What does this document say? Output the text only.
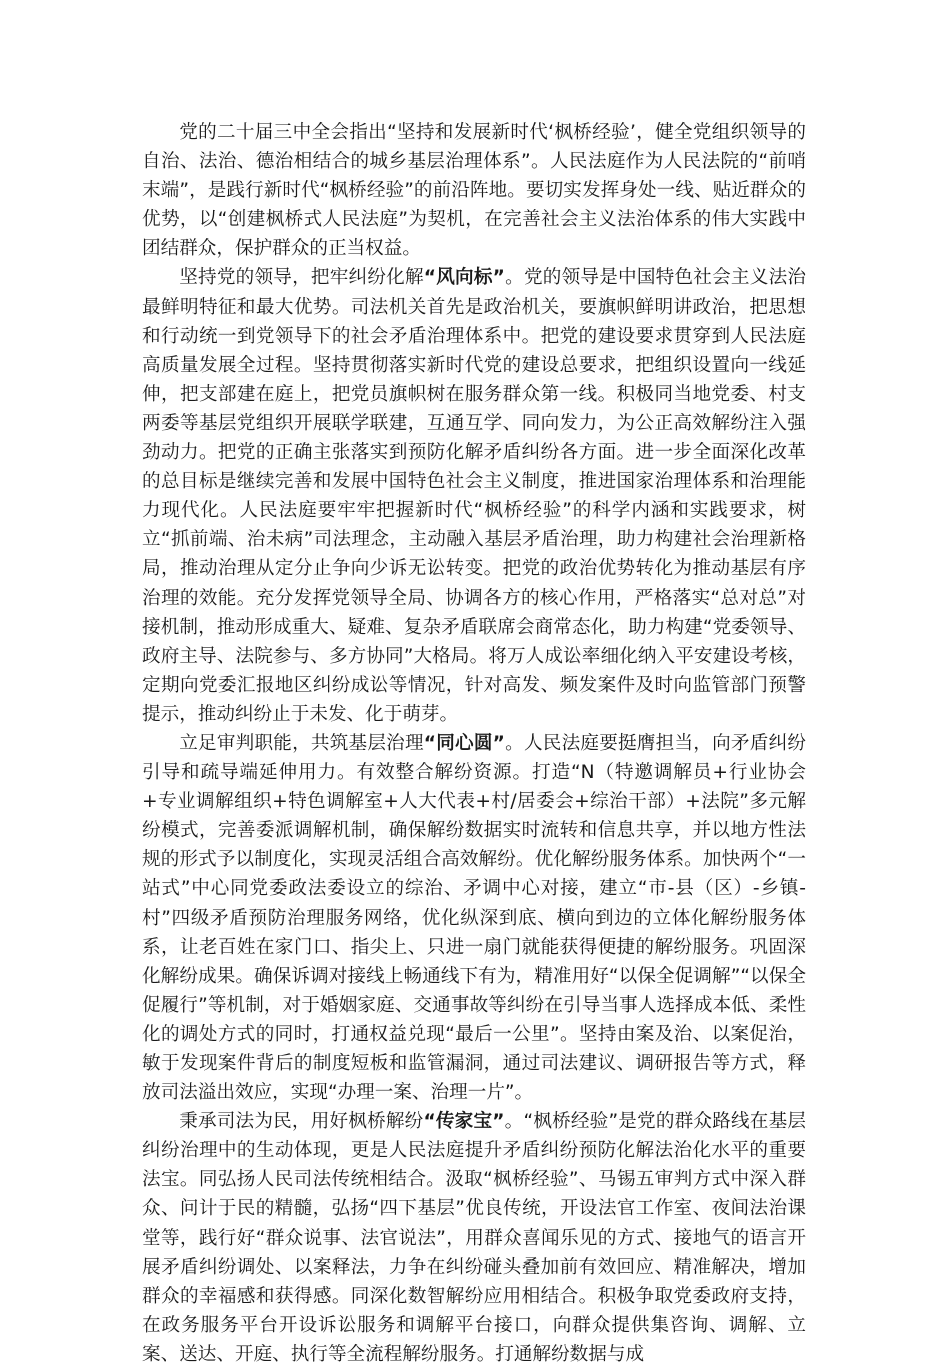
党的二十届三中全会指出“坚持和发展新时代‘枫桥经验’，健全党组织领导的自治、法治、德治相结合的城乡基层治理体系”。人民法庭作为人民法院的“前哨末端”，是践行新时代“枫桥经验”的前沿阵地。要切实发挥身处一线、贴近群众的优势，以“创建枫桥式人民法庭”为契机，在完善社会主义法治体系的伟大实践中团结群众，保护群众的正当权益。

坚持党的领导，把牢纠纷化解“风向标”。党的领导是中国特色社会主义法治最鲜明特征和最大优势。司法机关首先是政治机关，要旗帜鲜明讲政治，把思想和行动统一到党领导下的社会矛盾治理体系中。把党的建设要求贯穿到人民法庭高质量发展全过程。坚持贯彻落实新时代党的建设总要求，把组织设置向一线延伸，把支部建在庭上，把党员旗帜树在服务群众第一线。积极同当地党委、村支两委等基层党组织开展联学联建，互通互学、同向发力，为公正高效解纷注入强劲动力。把党的正确主张落实到预防化解矛盾纠纷各方面。进一步全面深化改革的总目标是继续完善和发展中国特色社会主义制度，推进国家治理体系和治理能力现代化。人民法庭要牢牢把握新时代“枫桥经验”的科学内涵和实践要求，树立“抓前端、治未病”司法理念，主动融入基层矛盾治理，助力构建社会治理新格局，推动治理从定分止争向少诉无讼转变。把党的政治优势转化为推动基层有序治理的效能。充分发挥党领导全局、协调各方的核心作用，严格落实“总对总”对接机制，推动形成重大、疑难、复杂矛盾联席会商常态化，助力构建“党委领导、政府主导、法院参与、多方协同”大格局。将万人成讼率细化纳入平安建设考核，定期向党委汇报地区纠纷成讼等情况，针对高发、频发案件及时向监管部门预警提示，推动纠纷止于未发、化于萌芽。

立足审判职能，共筑基层治理“同心圆”。人民法庭要挺膺担当，向矛盾纠纷引导和疏导端延伸用力。有效整合解纷资源。打造“N（特邀调解员+行业协会+专业调解组织+特色调解室+人大代表+村/居委会+综治干部）+法院”多元解纷模式，完善委派调解机制，确保解纷数据实时流转和信息共享，并以地方性法规的形式予以制度化，实现灵活组合高效解纷。优化解纷服务体系。加快两个“一站式”中心同党委政法委设立的综治、矛调中心对接，建立“市-县（区）-乡镇-村”四级矛盾预防治理服务网络，优化纵深到底、横向到边的立体化解纷服务体系，让老百姓在家门口、指尖上、只进一扇门就能获得便捷的解纷服务。巩固深化解纷成果。确保诉调对接线上畅通线下有为，精准用好“以保全促调解”“以保全促履行”等机制，对于婚姻家庭、交通事故等纠纷在引导当事人选择成本低、柔性化的调处方式的同时，打通权益兑现“最后一公里”。坚持由案及治、以案促治，敏于发现案件背后的制度短板和监管漏洞，通过司法建议、调研报告等方式，释放司法溢出效应，实现“办理一案、治理一片”。

秉承司法为民，用好枫桥解纷“传家宝”。“枫桥经验”是党的群众路线在基层纠纷治理中的生动体现，更是人民法庭提升矛盾纠纷预防化解法治化水平的重要法宝。同弘扬人民司法传统相结合。汲取“枫桥经验”、马锡五审判方式中深入群众、问计于民的精髓，弘扬“四下基层”优良传统，开设法官工作室、夜间法治课堂等，践行好“群众说事、法官说法”，用群众喜闻乐见的方式、接地气的语言开展矛盾纠纷调处、以案释法，力争在纠纷碰头叠加前有效回应、精准解决，增加群众的幸福感和获得感。同深化数智解纷应用相结合。积极争取党委政府支持，在政务服务平台开设诉讼服务和调解平台接口，向群众提供集咨询、调解、立案、送达、开庭、执行等全流程解纷服务。打通解纷数据与成
